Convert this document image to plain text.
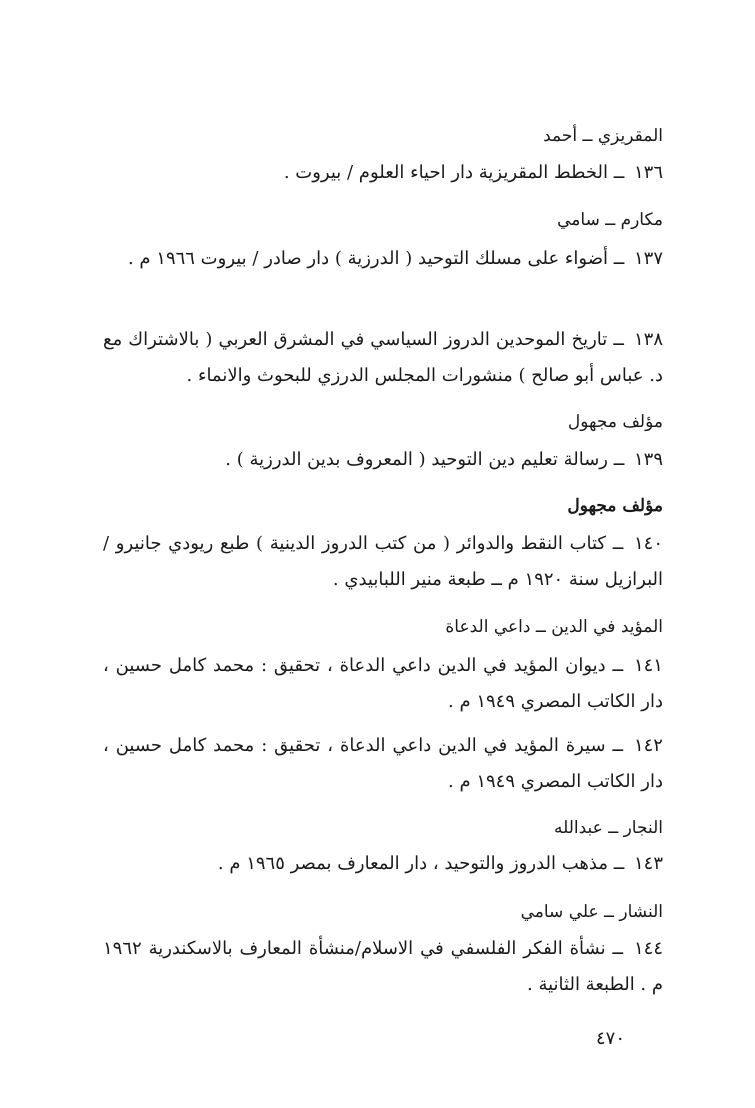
المقريزي ــ أحمد
١٣٦ ــ الخطط المقريزية دار احياء العلوم / بيروت .
مكارم ــ سامي
١٣٧ ــ أضواء على مسلك التوحيد ( الدرزية ) دار صادر / بيروت ١٩٦٦ م .
١٣٨ ــ تاريخ الموحدين الدروز السياسي في المشرق العربي ( بالاشتراك مع د. عباس أبو صالح ) منشورات المجلس الدرزي للبحوث والانماء .
مؤلف مجهول
١٣٩ ــ رسالة تعليم دين التوحيد ( المعروف بدين الدرزية ) .
مؤلف مجهول
١٤٠ ــ كتاب النقط والدوائر ( من كتب الدروز الدينية ) طبع ريودي جانيرو / البرازيل سنة ١٩٢٠ م ــ طبعة منير اللبابيدي .
المؤيد في الدين ــ داعي الدعاة
١٤١ ــ ديوان المؤيد في الدين داعي الدعاة ، تحقيق : محمد كامل حسين ، دار الكاتب المصري ١٩٤٩ م .
١٤٢ ــ سيرة المؤيد في الدين داعي الدعاة ، تحقيق : محمد كامل حسين ، دار الكاتب المصري ١٩٤٩ م .
النجار ــ عبدالله
١٤٣ ــ مذهب الدروز والتوحيد ، دار المعارف بمصر ١٩٦٥ م .
النشار ــ علي سامي
١٤٤ ــ نشأة الفكر الفلسفي في الاسلام/منشأة المعارف بالاسكندرية ١٩٦٢ م . الطبعة الثانية .
٤٧٠
